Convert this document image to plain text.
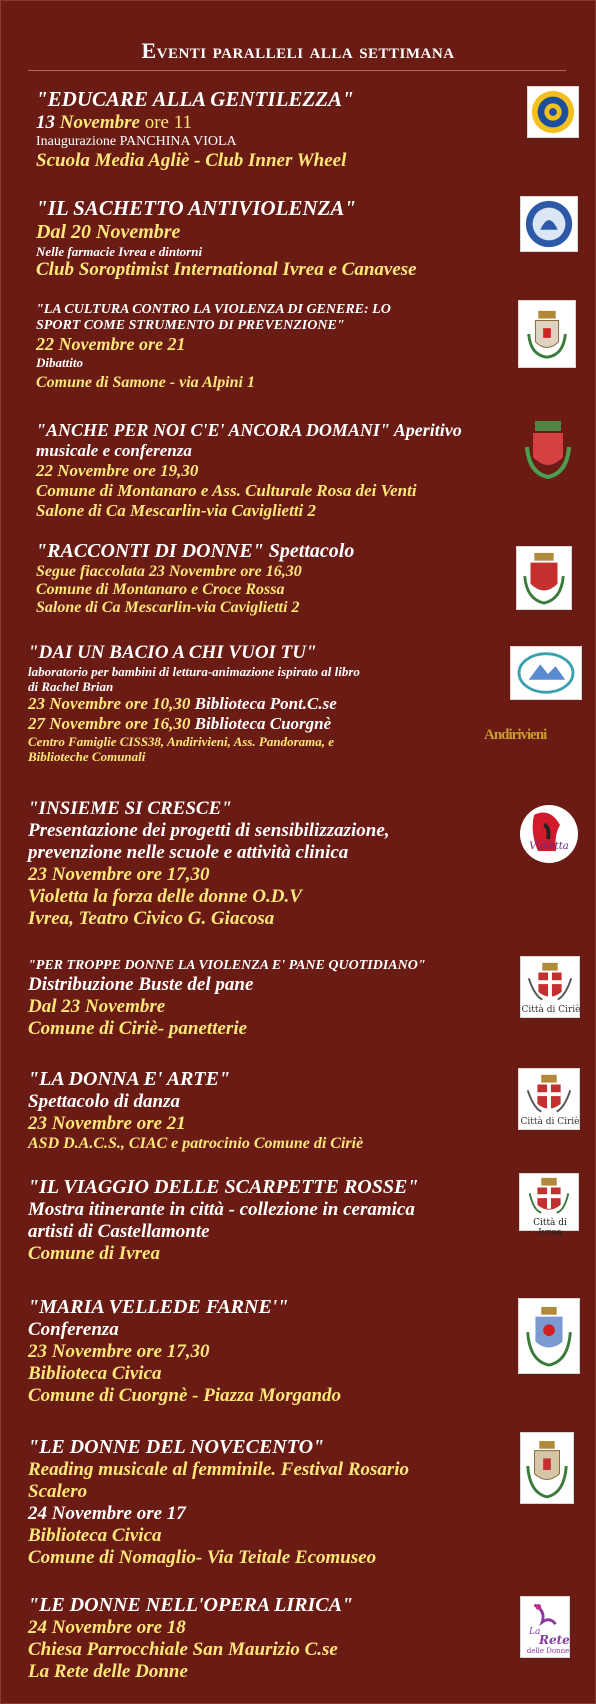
Eventi paralleli alla settimana
"EDUCARE ALLA GENTILEZZA"
13 Novembre ore 11
Inaugurazione PANCHINA VIOLA
Scuola Media Agliè - Club Inner Wheel
"IL SACHETTO ANTIVIOLENZA"
Dal 20 Novembre
Nelle farmacie Ivrea e dintorni
Club Soroptimist International Ivrea e Canavese
"LA CULTURA CONTRO LA VIOLENZA DI GENERE: LO
SPORT COME STRUMENTO DI PREVENZIONE"
22 Novembre ore 21
Dibattito
Comune di Samone - via Alpini 1
"ANCHE PER NOI C'E' ANCORA DOMANI" Aperitivo
musicale e conferenza
22 Novembre ore 19,30
Comune di Montanaro e Ass. Culturale Rosa dei Venti
Salone di Ca Mescarlin-via Caviglietti 2
"RACCONTI DI DONNE" Spettacolo
Segue fiaccolata 23 Novembre ore 16,30
Comune di Montanaro e Croce Rossa
Salone di Ca Mescarlin-via Caviglietti 2
"DAI UN BACIO A CHI VUOI TU"
laboratorio per bambini di lettura-animazione ispirato al libro
di Rachel Brian
23 Novembre ore 10,30 Biblioteca Pont.C.se
27 Novembre ore 16,30 Biblioteca Cuorgnè
Centro Famiglie CISS38, Andirivieni, Ass. Pandorama, e
Biblioteche Comunali
Andirivieni
"INSIEME SI CRESCE"
Presentazione dei progetti di sensibilizzazione,
prevenzione nelle scuole e attività clinica
23 Novembre ore 17,30
Violetta la forza delle donne O.D.V
Ivrea, Teatro Civico G. Giacosa
Violetta
"PER TROPPE DONNE LA VIOLENZA E' PANE QUOTIDIANO"
Distribuzione Buste del pane
Dal 23 Novembre
Comune di Ciriè- panetterie
Città di Ciriè
"LA DONNA E' ARTE"
Spettacolo di danza
23 Novembre ore 21
ASD D.A.C.S., CIAC e patrocinio Comune di Ciriè
Città di Ciriè
"IL VIAGGIO DELLE SCARPETTE ROSSE"
Mostra itinerante in città - collezione in ceramica
artisti di Castellamonte
Comune di Ivrea
Città di Ivrea
"MARIA VELLEDE FARNE'"
Conferenza
23 Novembre ore 17,30
Biblioteca Civica
Comune di Cuorgnè - Piazza Morgando
"LE DONNE DEL NOVECENTO"
Reading musicale al femminile. Festival Rosario
Scalero
24 Novembre ore 17
Biblioteca Civica
Comune di Nomaglio- Via Teitale Ecomuseo
"LE DONNE NELL'OPERA LIRICA"
24 Novembre ore 18
Chiesa Parrocchiale San Maurizio C.se
La Rete delle Donne
La
Rete
delle Donne
